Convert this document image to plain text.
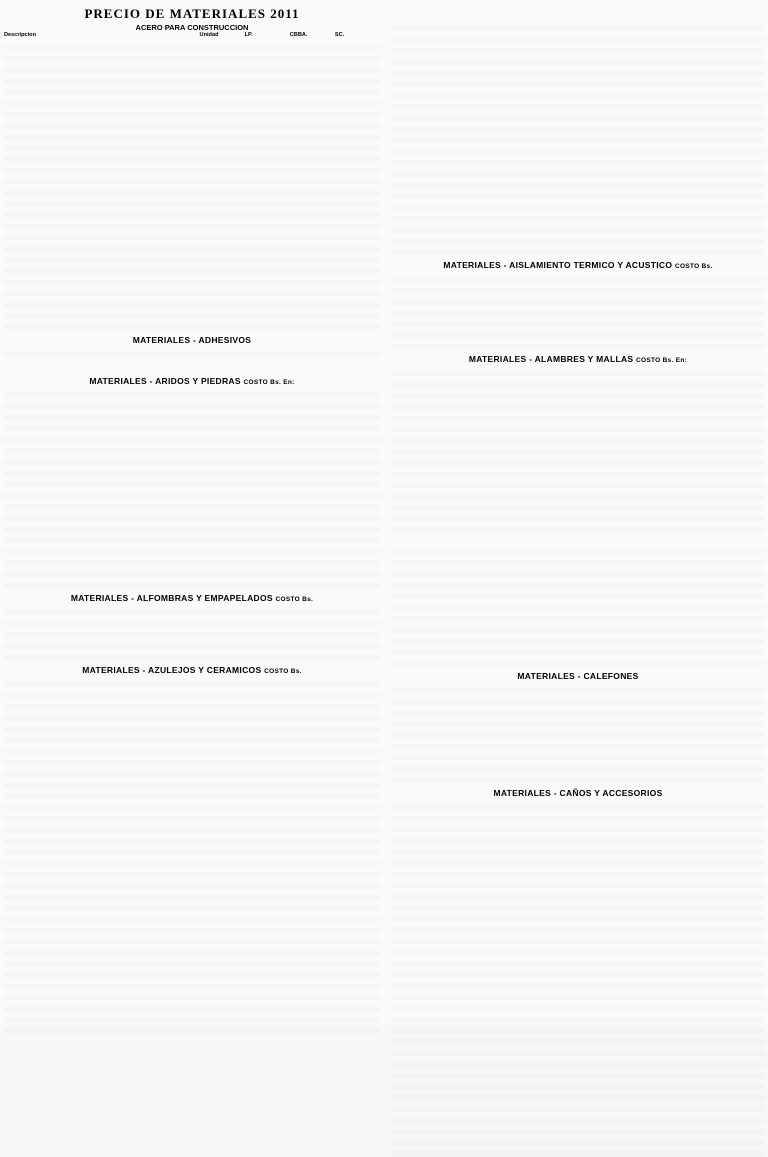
PRECIO DE MATERIALES 2011
ACERO PARA CONSTRUCCION
Descripcion	Unidad	LP.	CBBA.	SC.

MATERIALES - ADHESIVOS

MATERIALES - ARIDOS Y PIEDRAS COSTO Bs. En:

MATERIALES - ALFOMBRAS Y EMPAPELADOS COSTO Bs.

MATERIALES - AZULEJOS Y CERAMICOS COSTO Bs.

MATERIALES - AISLAMIENTO TERMICO Y ACUSTICO COSTO Bs.

MATERIALES - ALAMBRES Y MALLAS COSTO Bs. En:

MATERIALES - CALEFONES

MATERIALES - CAÑOS Y ACCESORIOS
